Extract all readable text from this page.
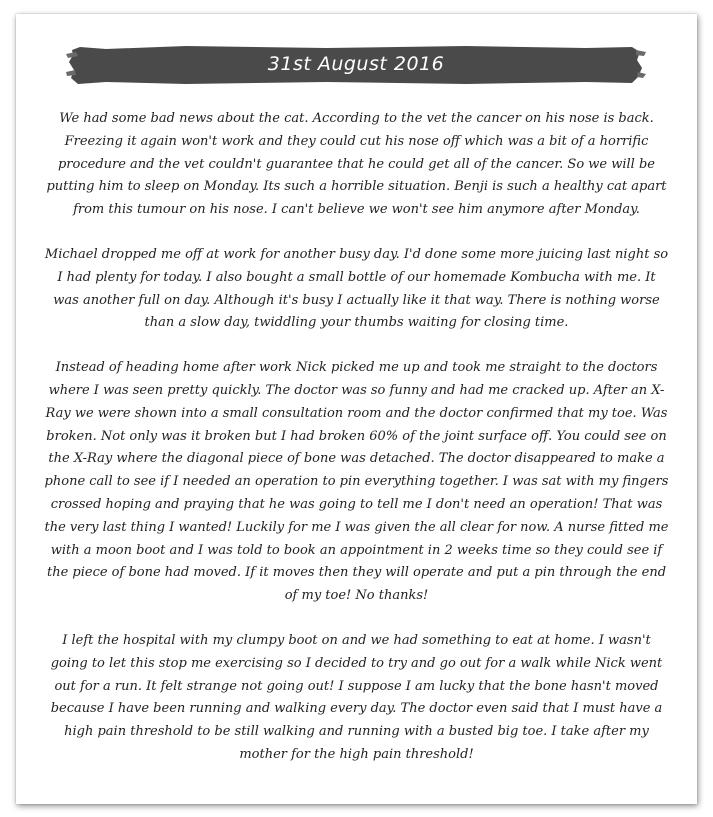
31st August 2016

We had some bad news about the cat. According to the vet the cancer on his nose is back. Freezing it again won't work and they could cut his nose off which was a bit of a horrific procedure and the vet couldn't guarantee that he could get all of the cancer. So we will be putting him to sleep on Monday. Its such a horrible situation. Benji is such a healthy cat apart from this tumour on his nose. I can't believe we won't see him anymore after Monday.

Michael dropped me off at work for another busy day. I'd done some more juicing last night so I had plenty for today. I also bought a small bottle of our homemade Kombucha with me. It was another full on day. Although it's busy I actually like it that way. There is nothing worse than a slow day, twiddling your thumbs waiting for closing time.

Instead of heading home after work Nick picked me up and took me straight to the doctors where I was seen pretty quickly. The doctor was so funny and had me cracked up. After an X-Ray we were shown into a small consultation room and the doctor confirmed that my toe. Was broken. Not only was it broken but I had broken 60% of the joint surface off. You could see on the X-Ray where the diagonal piece of bone was detached. The doctor disappeared to make a phone call to see if I needed an operation to pin everything together. I was sat with my fingers crossed hoping and praying that he was going to tell me I don't need an operation! That was the very last thing I wanted! Luckily for me I was given the all clear for now. A nurse fitted me with a moon boot and I was told to book an appointment in 2 weeks time so they could see if the piece of bone had moved. If it moves then they will operate and put a pin through the end of my toe! No thanks!

I left the hospital with my clumpy boot on and we had something to eat at home. I wasn't going to let this stop me exercising so I decided to try and go out for a walk while Nick went out for a run. It felt strange not going out! I suppose I am lucky that the bone hasn't moved because I have been running and walking every day. The doctor even said that I must have a high pain threshold to be still walking and running with a busted big toe. I take after my mother for the high pain threshold!
